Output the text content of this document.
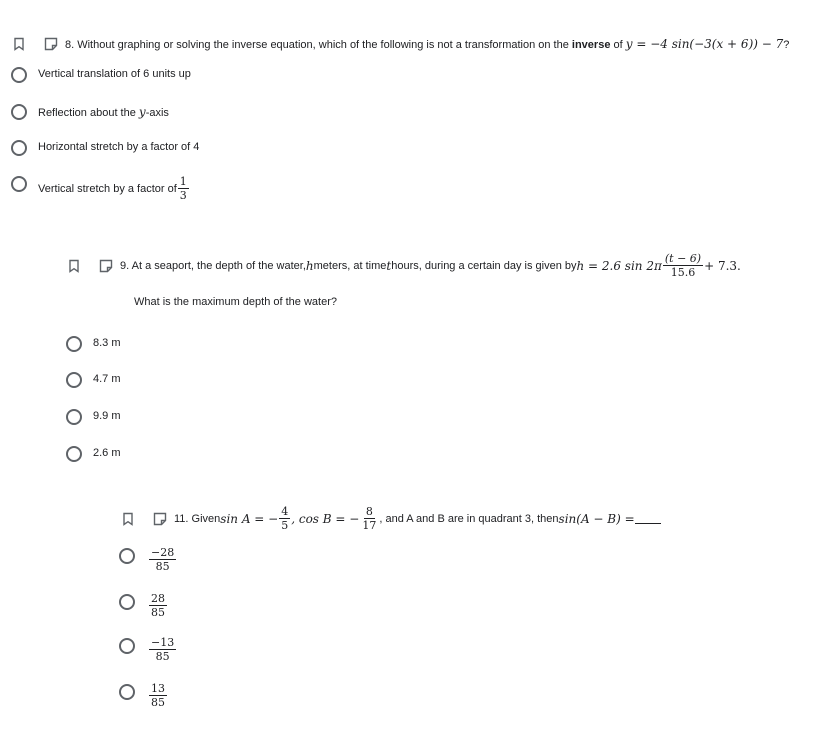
8. Without graphing or solving the inverse equation, which of the following is not a transformation on the inverse of y = −4 sin(−3(x + 6)) − 7?
Vertical translation of 6 units up
Reflection about the y-axis
Horizontal stretch by a factor of 4
Vertical stretch by a factor of $\frac{1}{3}$
9. At a seaport, the depth of the water, h meters, at time t hours, during a certain day is given by h = 2.6 $\sin 2\pi \frac{(t - 6)}{15.6} + 7.3$.
What is the maximum depth of the water?
8.3 m
4.7 m
9.9 m
2.6 m
11. Given sin A = − $\frac{4}{5}$ , cos B = − $\frac{8}{17}$ , and A and B are in quadrant 3, then sin(A − B) =
$\frac{-28}{85}$
$\frac{28}{85}$
$\frac{-13}{85}$
$\frac{13}{85}$
